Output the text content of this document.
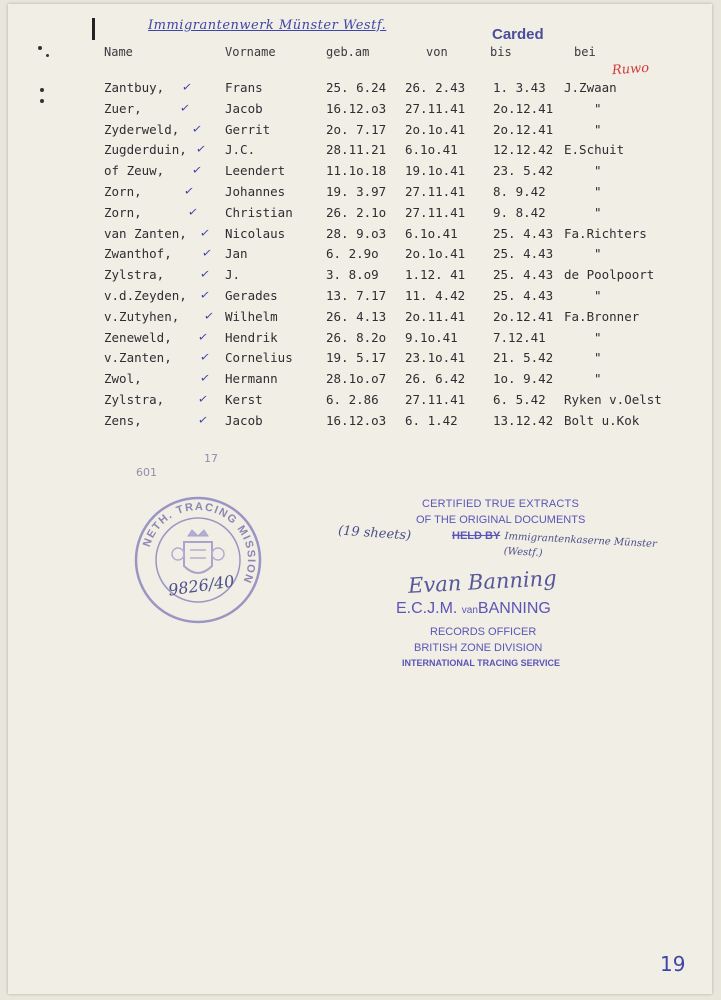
Immigrantenwerk Münster Westf.
Carded
Ruwo
Name	Vorname	geb.am	von	bis	bei
Zantbuy,	Frans	25. 6.24 26. 2.43 1. 3.43 J.Zwaan
✓
Zuer,	Jacob	16.12.o3 27.11.41 2o.12.41	"
✓
Zyderweld,	Gerrit	2o. 7.17 2o.1o.41 2o.12.41	"
✓
Zugderduin,	J.C.	28.11.21 6.1o.41	12.12.42 E.Schuit
✓
of Zeuw,	Leendert	11.1o.18 19.1o.41 23. 5.42	"
✓
Zorn,	Johannes	19. 3.97 27.11.41 8. 9.42	"
✓
Zorn,	Christian	26. 2.1o 27.11.41 9. 8.42	"
✓
van Zanten,	Nicolaus	28. 9.o3 6.1o.41	25. 4.43 Fa.Richters
✓
Zwanthof,	Jan	6. 2.9o 2o.1o.41 25. 4.43	"
✓
Zylstra,	J.	3. 8.o9 1.12. 41 25. 4.43 de Poolpoort
✓
v.d.Zeyden,	Gerades	13. 7.17 11. 4.42 25. 4.43	"
✓
v.Zutyhen,	Wilhelm	26. 4.13 2o.11.41 2o.12.41 Fa.Bronner
✓
Zeneweld,	Hendrik	26. 8.2o 9.1o.41	7.12.41	"
✓
v.Zanten,	Cornelius	19. 5.17 23.1o.41 21. 5.42	"
✓
Zwol,	Hermann	28.1o.o7 26. 6.42 1o. 9.42	"
✓
Zylstra,	Kerst	6. 2.86 27.11.41 6. 5.42 Ryken v.Oelst
✓
Zens,	Jacob	16.12.o3 6. 1.42	13.12.42 Bolt u.Kok
✓
601
17
NETH. TRACING MISSION
9826/40
(19 sheets)
CERTIFIED TRUE EXTRACTS
OF THE ORIGINAL DOCUMENTS
HELD BY Immigrantenkaserne Münster (Westf.)
Evan Banning
E.C.J.M. vanBANNING
RECORDS OFFICER
BRITISH ZONE DIVISION
INTERNATIONAL TRACING SERVICE
19
